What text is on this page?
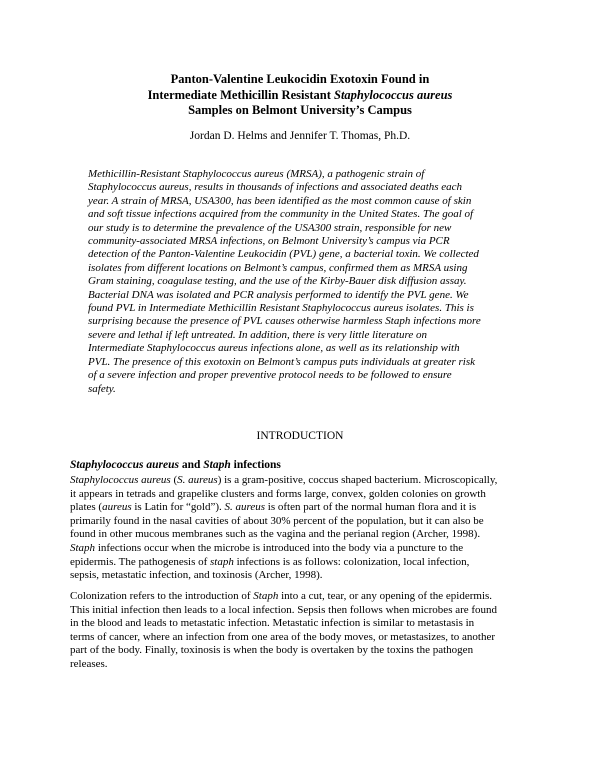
Panton-Valentine Leukocidin Exotoxin Found in
Intermediate Methicillin Resistant Staphylococcus aureus
Samples on Belmont University’s Campus
Jordan D. Helms and Jennifer T. Thomas, Ph.D.
Methicillin-Resistant Staphylococcus aureus (MRSA), a pathogenic strain of
Staphylococcus aureus, results in thousands of infections and associated deaths each
year. A strain of MRSA, USA300, has been identified as the most common cause of skin
and soft tissue infections acquired from the community in the United States. The goal of
our study is to determine the prevalence of the USA300 strain, responsible for new
community-associated MRSA infections, on Belmont University’s campus via PCR
detection of the Panton-Valentine Leukocidin (PVL) gene, a bacterial toxin. We collected
isolates from different locations on Belmont’s campus, confirmed them as MRSA using
Gram staining, coagulase testing, and the use of the Kirby-Bauer disk diffusion assay.
Bacterial DNA was isolated and PCR analysis performed to identify the PVL gene. We
found PVL in Intermediate Methicillin Resistant Staphylococcus aureus isolates. This is
surprising because the presence of PVL causes otherwise harmless Staph infections more
severe and lethal if left untreated. In addition, there is very little literature on
Intermediate Staphylococcus aureus infections alone, as well as its relationship with
PVL. The presence of this exotoxin on Belmont’s campus puts individuals at greater risk
of a severe infection and proper preventive protocol needs to be followed to ensure
safety.
INTRODUCTION
Staphylococcus aureus and Staph infections
Staphylococcus aureus (S. aureus) is a gram-positive, coccus shaped bacterium. Microscopically,
it appears in tetrads and grapelike clusters and forms large, convex, golden colonies on growth
plates (aureus is Latin for “gold”). S. aureus is often part of the normal human flora and it is
primarily found in the nasal cavities of about 30% percent of the population, but it can also be
found in other mucous membranes such as the vagina and the perianal region (Archer, 1998).
Staph infections occur when the microbe is introduced into the body via a puncture to the
epidermis. The pathogenesis of staph infections is as follows: colonization, local infection,
sepsis, metastatic infection, and toxinosis (Archer, 1998).
Colonization refers to the introduction of Staph into a cut, tear, or any opening of the epidermis.
This initial infection then leads to a local infection. Sepsis then follows when microbes are found
in the blood and leads to metastatic infection. Metastatic infection is similar to metastasis in
terms of cancer, where an infection from one area of the body moves, or metastasizes, to another
part of the body. Finally, toxinosis is when the body is overtaken by the toxins the pathogen
releases.
